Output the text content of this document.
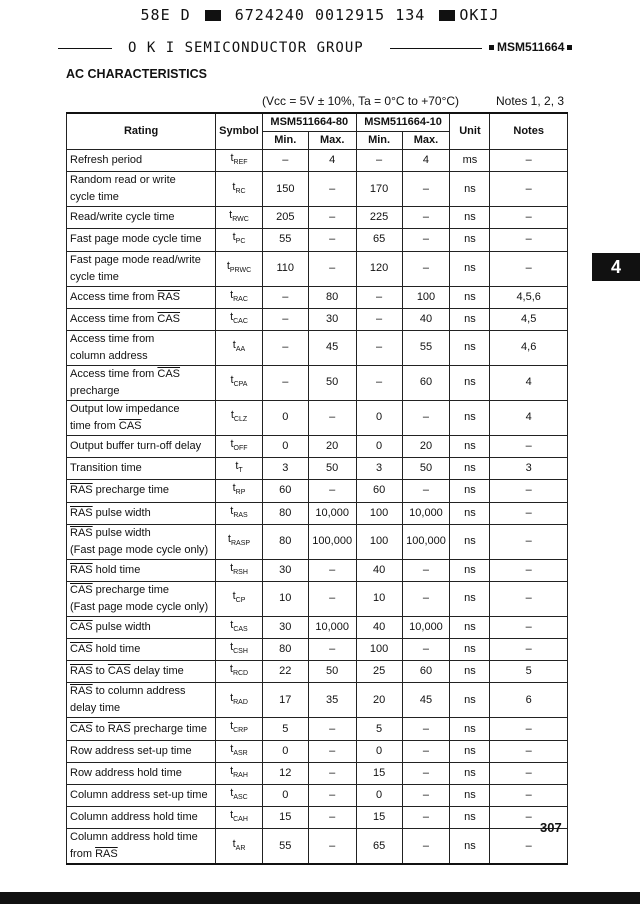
58E D	6724240 0012915 134 OKIJ
O K I SEMICONDUCTOR GROUP	MSM511664
AC CHARACTERISTICS
(Vcc = 5V ± 10%, Ta = 0°C to +70°C)	Notes 1, 2, 3
Rating	Symbol	MSM511664-80		MSM511664-10		Unit	Notes
		Min.	Max.	Min.	Max.		
Refresh period	$t_{REF}$	–	4	–	4	ms	–
Random read or write
cycle time	$t_{RC}$	150	–	170	–	ns	–
Read/write cycle time	$t_{RWC}$	205	–	225	–	ns	–
Fast page mode cycle time	$t_{PC}$	55	–	65	–	ns	–
Fast page mode read/write
cycle time	$t_{PRWC}$	110	–	120	–	ns	–
Access time from $\overline{RAS}$	$t_{RAC}$	–	80	–	100	ns	4,5,6
Access time from $\overline{CAS}$	$t_{CAC}$	–	30	–	40	ns	4,5
Access time from
column address	$t_{AA}$	–	45	–	55	ns	4,6
Access time from $\overline{CAS}$
precharge	$t_{CPA}$	–	50	–	60	ns	4
Output low impedance
time from $\overline{CAS}$	$t_{CLZ}$	0	–	0	–	ns	4
Output buffer turn-off delay	$t_{OFF}$	0	20	0	20	ns	–
Transition time	$t_T$	3	50	3	50	ns	3
$\overline{RAS}$ precharge time	$t_{RP}$	60	–	60	–	ns	–
$\overline{RAS}$ pulse width	$t_{RAS}$	80	10,000	100	10,000	ns	–
$\overline{RAS}$ pulse width
(Fast page mode cycle only)	$t_{RASP}$	80	100,000	100	100,000	ns	–
$\overline{RAS}$ hold time	$t_{RSH}$	30	–	40	–	ns	–
$\overline{CAS}$ precharge time
(Fast page mode cycle only)	$t_{CP}$	10	–	10	–	ns	–
$\overline{CAS}$ pulse width	$t_{CAS}$	30	10,000	40	10,000	ns	–
$\overline{CAS}$ hold time	$t_{CSH}$	80	–	100	–	ns	–
$\overline{RAS}$ to $\overline{CAS}$ delay time	$t_{RCD}$	22	50	25	60	ns	5
$\overline{RAS}$ to column address
delay time	$t_{RAD}$	17	35	20	45	ns	6
$\overline{CAS}$ to $\overline{RAS}$ precharge time	$t_{CRP}$	5	–	5	–	ns	–
Row address set-up time	$t_{ASR}$	0	–	0	–	ns	–
Row address hold time	$t_{RAH}$	12	–	15	–	ns	–
Column address set-up time	$t_{ASC}$	0	–	0	–	ns	–
Column address hold time	$t_{CAH}$	15	–	15	–	ns	–
Column address hold time
from $\overline{RAS}$	$t_{AR}$	55	–	65	–	ns	–
4
307
